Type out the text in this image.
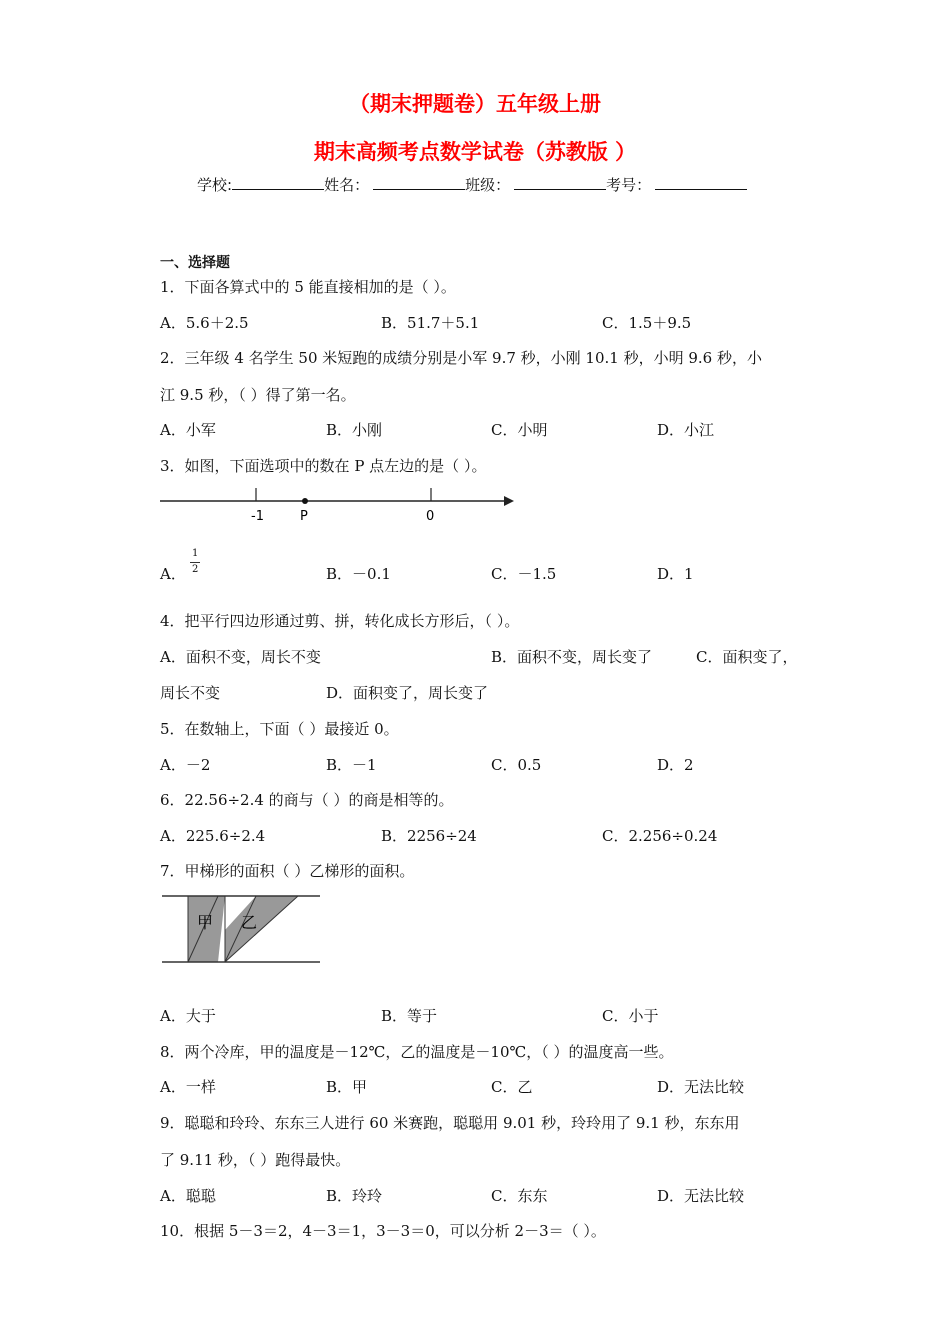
（期末押题卷）五年级上册
期末高频考点数学试卷（苏教版 ）
学校:	姓名：	班级：	考号：
一、选择题
1．下面各算式中的 5 能直接相加的是（ ）。
A．5.6＋2.5	B．51.7＋5.1	C．1.5＋9.5
2．三年级 4 名学生 50 米短跑的成绩分别是小军 9.7 秒，小刚 10.1 秒，小明 9.6 秒，小
江 9.5 秒，（ ）得了第一名。
A．小军	B．小刚	C．小明	D．小江
3．如图，下面选项中的数在 P 点左边的是（ ）。
-1	P	0
A．
1
2	B．－0.1	C．－1.5	D．1
4．把平行四边形通过剪、拼，转化成长方形后，（ ）。
A．面积不变，周长不变	B．面积不变，周长变了	C．面积变了，
周长不变	D．面积变了，周长变了
5．在数轴上，下面（ ）最接近 0。
A．－2	B．－1	C．0.5	D．2
6．22.56÷2.4 的商与（ ）的商是相等的。
A．225.6÷2.4	B．2256÷24	C．2.256÷0.24
7．甲梯形的面积（ ）乙梯形的面积。
甲 乙
A．大于	B．等于	C．小于
8．两个冷库，甲的温度是－12℃，乙的温度是－10℃，（ ）的温度高一些。
A．一样	B．甲	C．乙	D．无法比较
9．聪聪和玲玲、东东三人进行 60 米赛跑，聪聪用 9.01 秒，玲玲用了 9.1 秒，东东用
了 9.11 秒，（ ）跑得最快。
A．聪聪	B．玲玲	C．东东	D．无法比较
10．根据 5－3＝2，4－3＝1，3－3＝0，可以分析 2－3＝（ ）。
